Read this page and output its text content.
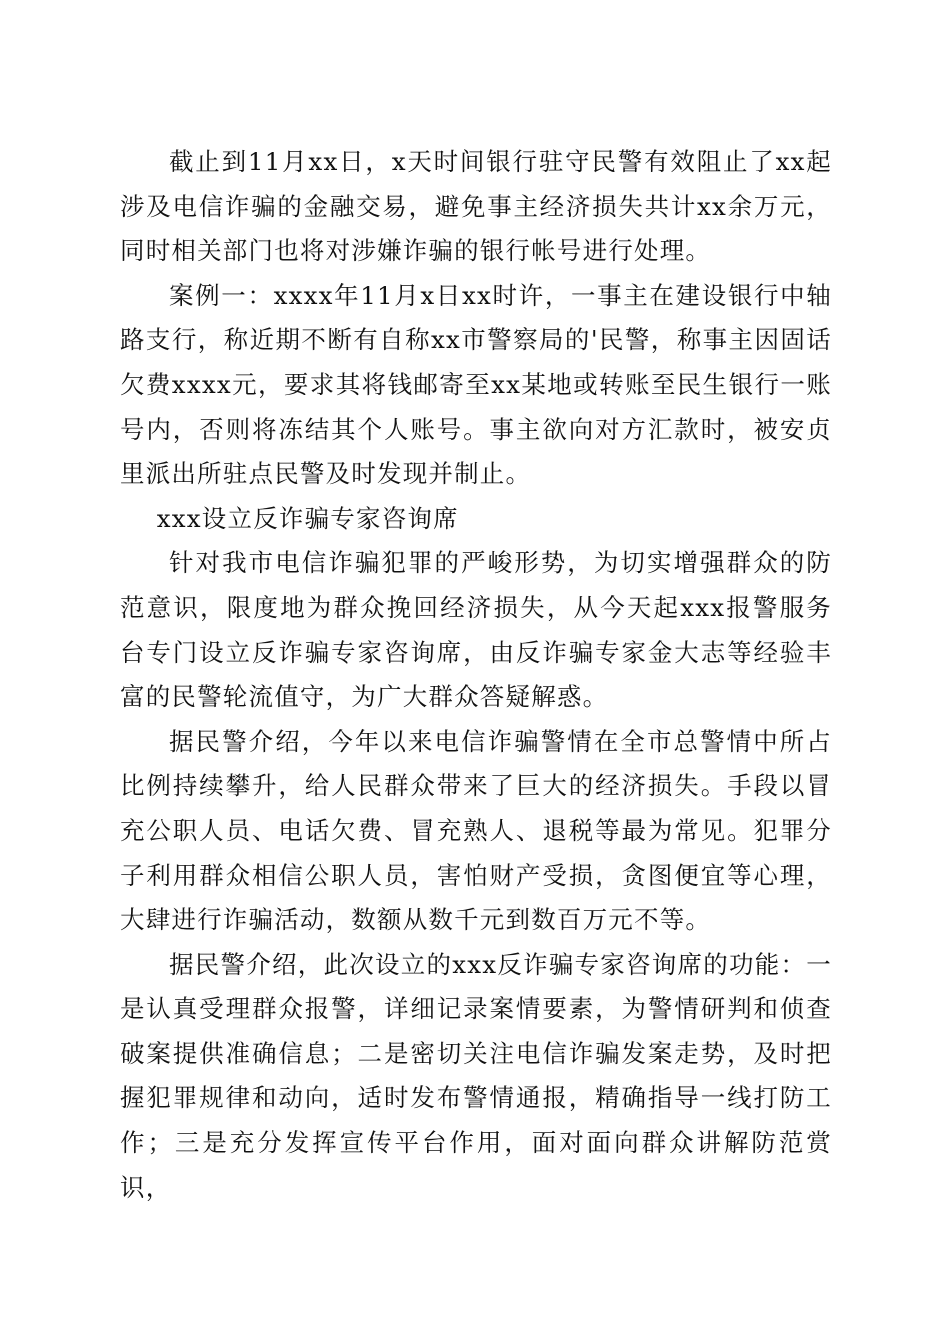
截止到11月xx日，x天时间银行驻守民警有效阻止了xx起涉及电信诈骗的金融交易，避免事主经济损失共计xx余万元，同时相关部门也将对涉嫌诈骗的银行帐号进行处理。

案例一：xxxx年11月x日xx时许，一事主在建设银行中轴路支行，称近期不断有自称xx市警察局的'民警，称事主因固话欠费xxxx元，要求其将钱邮寄至xx某地或转账至民生银行一账号内，否则将冻结其个人账号。事主欲向对方汇款时，被安贞里派出所驻点民警及时发现并制止。

xxx设立反诈骗专家咨询席

针对我市电信诈骗犯罪的严峻形势，为切实增强群众的防范意识，限度地为群众挽回经济损失，从今天起xxx报警服务台专门设立反诈骗专家咨询席，由反诈骗专家金大志等经验丰富的民警轮流值守，为广大群众答疑解惑。

据民警介绍，今年以来电信诈骗警情在全市总警情中所占比例持续攀升，给人民群众带来了巨大的经济损失。手段以冒充公职人员、电话欠费、冒充熟人、退税等最为常见。犯罪分子利用群众相信公职人员，害怕财产受损，贪图便宜等心理，大肆进行诈骗活动，数额从数千元到数百万元不等。

据民警介绍，此次设立的xxx反诈骗专家咨询席的功能：一是认真受理群众报警，详细记录案情要素，为警情研判和侦查破案提供准确信息；二是密切关注电信诈骗发案走势，及时把握犯罪规律和动向，适时发布警情通报，精确指导一线打防工作；三是充分发挥宣传平台作用，面对面向群众讲解防范赏识，
